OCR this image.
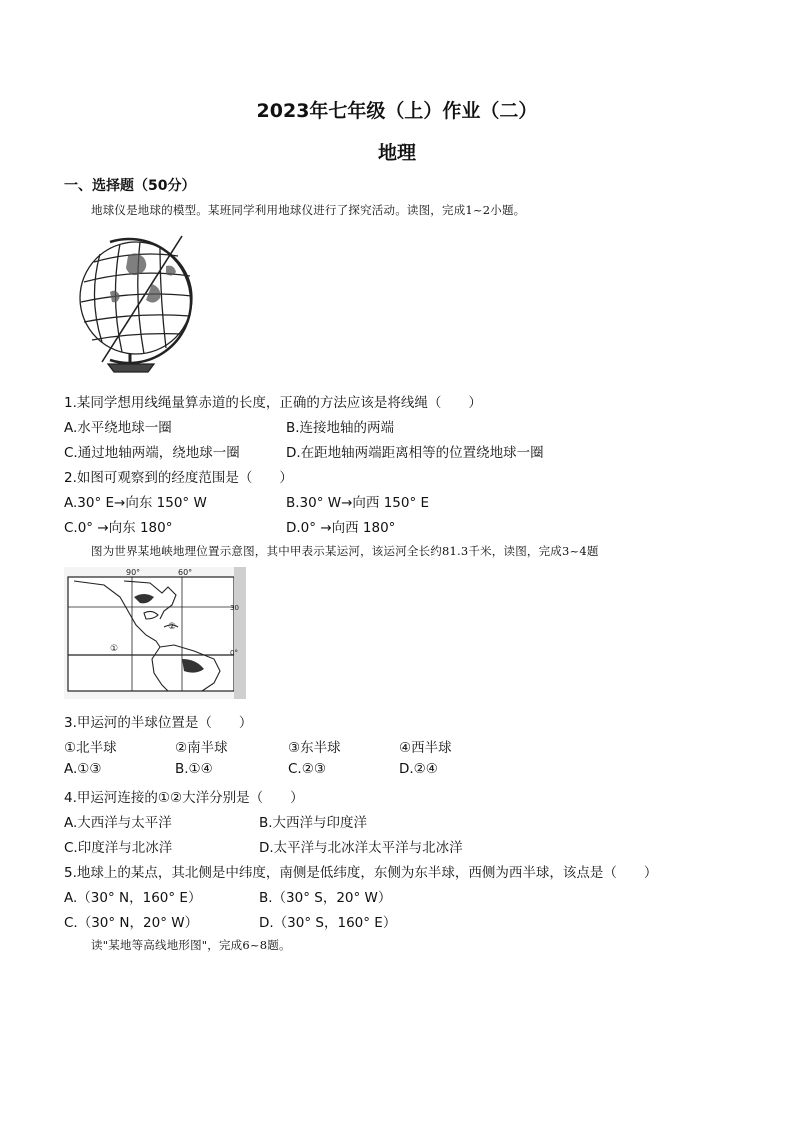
2023年七年级（上）作业（二）
地理
一、选择题（50分）
地球仪是地球的模型。某班同学利用地球仪进行了探究活动。读图，完成1~2小题。
1.某同学想用线绳量算赤道的长度，正确的方法应该是将线绳（　　）
A.水平绕地球一圈	B.连接地轴的两端
C.通过地轴两端，绕地球一圈	D.在距地轴两端距离相等的位置绕地球一圈
2.如图可观察到的经度范围是（　　）
A.30° E→向东 150° W	B.30° W→向西 150° E
C.0° →向东 180°	D.0° →向西 180°
图为世界某地峡地理位置示意图，其中甲表示某运河，该运河全长约81.3千米，读图，完成3~4题
90°	60°
30
0°
①
②
3.甲运河的半球位置是（　　）
①北半球	②南半球	③东半球	④西半球
A.①③	B.①④	C.②③	D.②④
4.甲运河连接的①②大洋分别是（　　）
A.大西洋与太平洋	B.大西洋与印度洋
C.印度洋与北冰洋	D.太平洋与北冰洋太平洋与北冰洋
5.地球上的某点，其北侧是中纬度，南侧是低纬度，东侧为东半球，西侧为西半球，该点是（　　）
A.（30° N，160° E）	B.（30° S，20° W）
C.（30° N，20° W）	D.（30° S，160° E）
读"某地等高线地形图"，完成6~8题。
